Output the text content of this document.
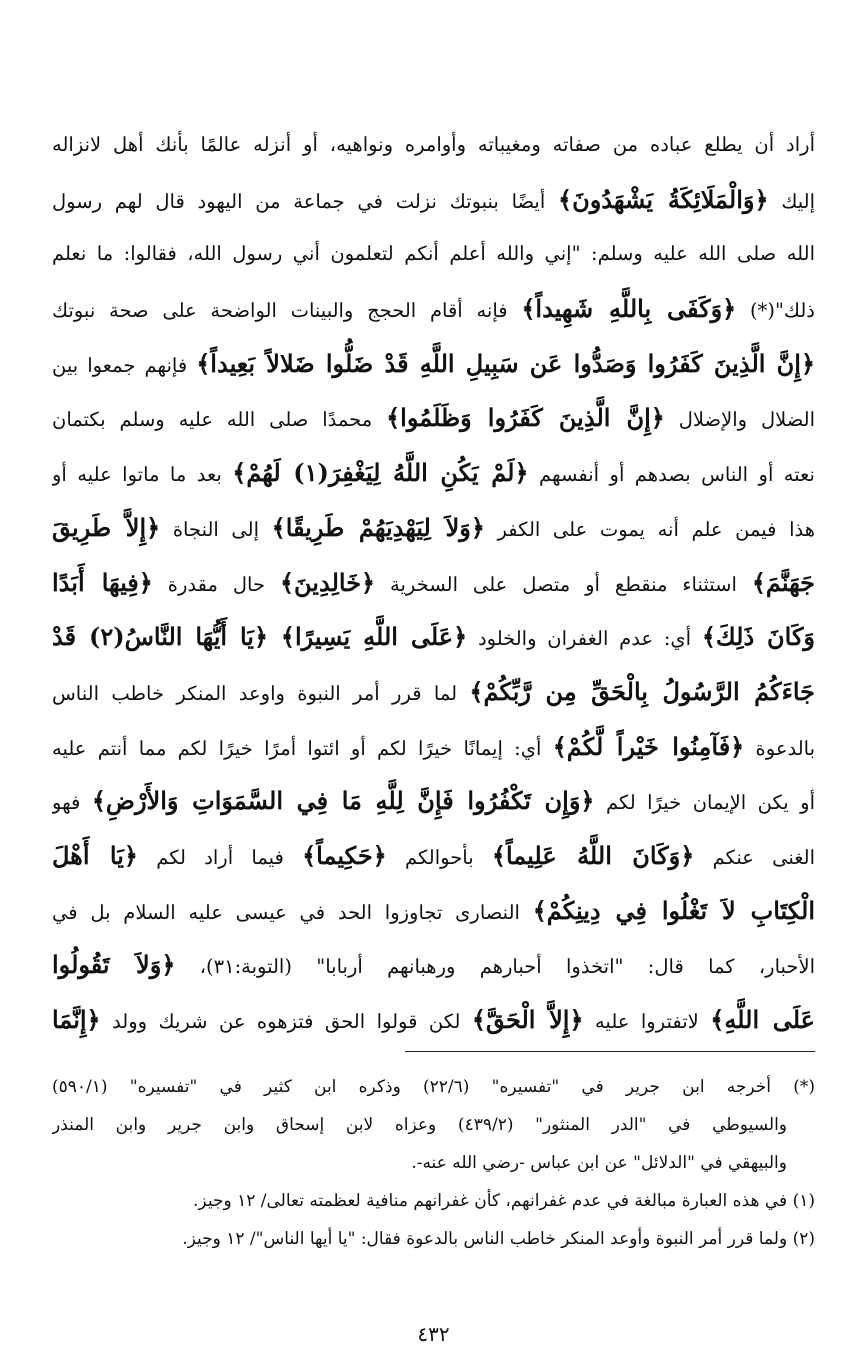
أراد أن يطلع عباده من صفاته ومغيباته وأوامره ونواهيه، أو أنزله عالمًا بأنك أهل لانزاله
إليك ﴿وَالْمَلَائِكَةُ يَشْهَدُونَ﴾ أيضًا بنبوتك نزلت في جماعة من اليهود قال لهم رسول
الله صلى الله عليه وسلم: "إني والله أعلم أنكم لتعلمون أني رسول الله، فقالوا: ما نعلم
ذلك"(*) ﴿وَكَفَى بِاللَّهِ شَهِيداً﴾ فإنه أقام الحجج والبينات الواضحة على صحة نبوتك
﴿إِنَّ الَّذِينَ كَفَرُوا وَصَدُّوا عَن سَبِيلِ اللَّهِ قَدْ ضَلُّوا ضَلالاً بَعِيداً﴾ فإنهم جمعوا بين
الضلال والإضلال ﴿إِنَّ الَّذِينَ كَفَرُوا وَظَلَمُوا﴾ محمدًا صلى الله عليه وسلم بكتمان
نعته أو الناس بصدهم أو أنفسهم ﴿لَمْ يَكُنِ اللَّهُ لِيَغْفِرَ(١) لَهُمْ﴾ بعد ما ماتوا عليه أو
هذا فيمن علم أنه يموت على الكفر ﴿وَلاَ لِيَهْدِيَهُمْ طَرِيقًا﴾ إلى النجاة ﴿إِلاَّ طَرِيقَ
جَهَنَّمَ﴾ استثناء منقطع أو متصل على السخرية ﴿خَالِدِينَ﴾ حال مقدرة ﴿فِيهَا أَبَدًا
وَكَانَ ذَلِكَ﴾ أي: عدم الغفران والخلود ﴿عَلَى اللَّهِ يَسِيرًا﴾ ﴿يَا أَيُّهَا النَّاسُ(٢) قَدْ
جَاءَكُمُ الرَّسُولُ بِالْحَقِّ مِن رَّبِّكُمْ﴾ لما قرر أمر النبوة واوعد المنكر خاطب الناس
بالدعوة ﴿فَآمِنُوا خَيْراً لَّكُمْ﴾ أي: إيمانًا خيرًا لكم أو ائتوا أمرًا خيرًا لكم مما أنتم عليه
أو يكن الإيمان خيرًا لكم ﴿وَإِن تَكْفُرُوا فَإِنَّ لِلَّهِ مَا فِي السَّمَوَاتِ وَالأَرْضِ﴾ فهو
الغنى عنكم ﴿وَكَانَ اللَّهُ عَلِيماً﴾ بأحوالكم ﴿حَكِيماً﴾ فيما أراد لكم ﴿يَا أَهْلَ
الْكِتَابِ لاَ تَغْلُوا فِي دِينِكُمْ﴾ النصارى تجاوزوا الحد في عيسى عليه السلام بل في
الأحبار، كما قال: "اتخذوا أحبارهم ورهبانهم أربابا" (التوبة:٣١)، ﴿وَلاَ تَقُولُوا
عَلَى اللَّهِ﴾ لاتفتروا عليه ﴿إِلاَّ الْحَقَّ﴾ لكن قولوا الحق فتزهوه عن شريك وولد ﴿إِنَّمَا
(*) أخرجه ابن جرير في "تفسيره" (٢٢/٦) وذكره ابن كثير في "تفسيره" (٥٩٠/١)
والسيوطي في "الدر المنثور" (٤٣٩/٢) وعزاه لابن إسحاق وابن جرير وابن المنذر
والبيهقي في "الدلائل" عن ابن عباس -رضي الله عنه-.
(١) في هذه العبارة مبالغة في عدم غفرانهم، كأن غفرانهم منافية لعظمته تعالى/ ١٢ وجيز.
(٢) ولما قرر أمر النبوة وأوعد المنكر خاطب الناس بالدعوة فقال: "يا أيها الناس"/ ١٢ وجيز.
٤٣٢
